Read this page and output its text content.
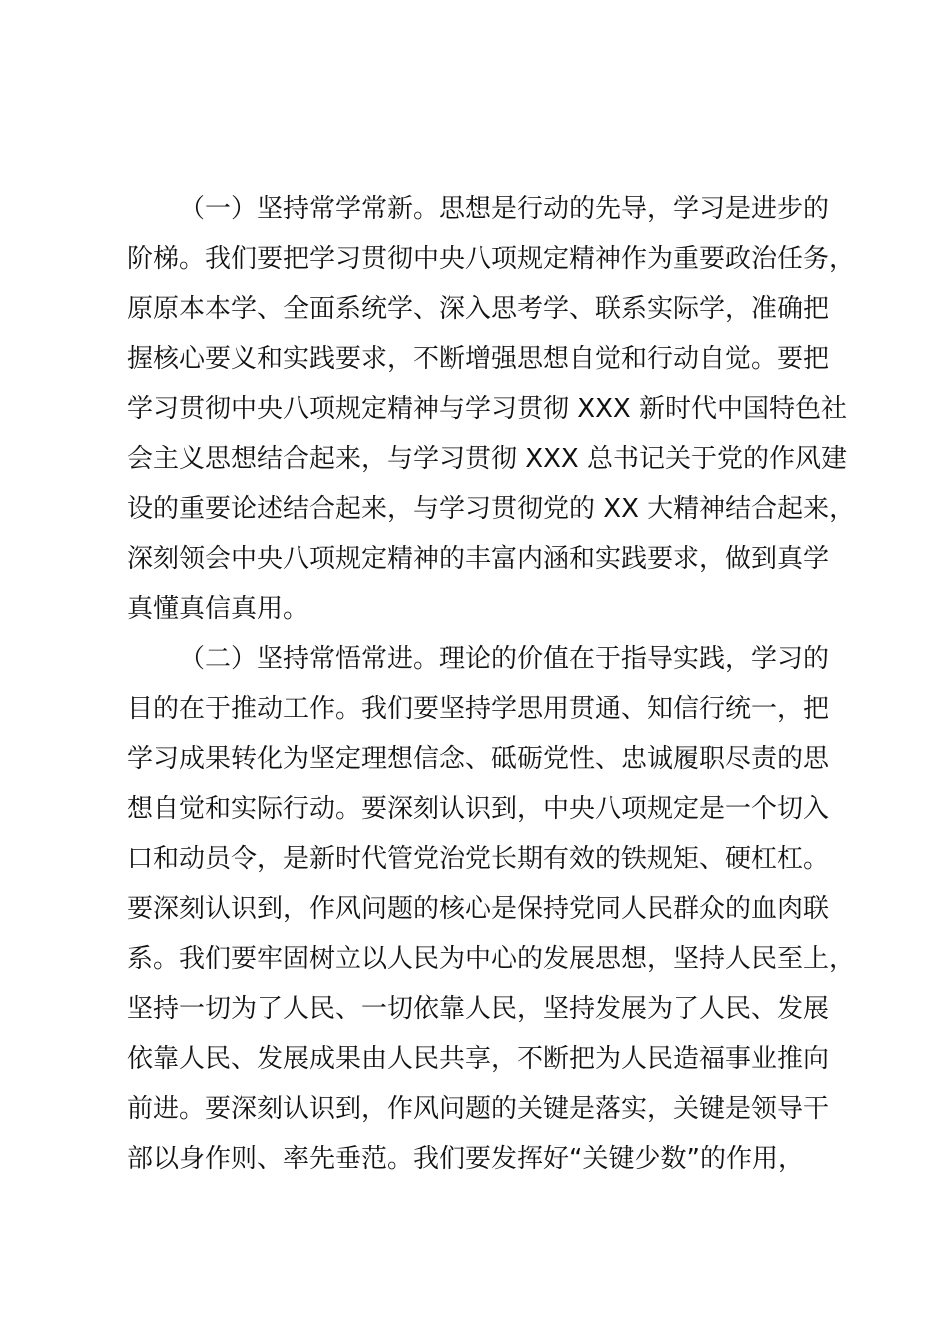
（一）坚持常学常新。思想是行动的先导，学习是进步的
阶梯。我们要把学习贯彻中央八项规定精神作为重要政治任务，
原原本本学、全面系统学、深入思考学、联系实际学，准确把
握核心要义和实践要求，不断增强思想自觉和行动自觉。要把
学习贯彻中央八项规定精神与学习贯彻 XXX 新时代中国特色社
会主义思想结合起来，与学习贯彻 XXX 总书记关于党的作风建
设的重要论述结合起来，与学习贯彻党的 XX 大精神结合起来，
深刻领会中央八项规定精神的丰富内涵和实践要求，做到真学
真懂真信真用。
（二）坚持常悟常进。理论的价值在于指导实践，学习的
目的在于推动工作。我们要坚持学思用贯通、知信行统一，把
学习成果转化为坚定理想信念、砥砺党性、忠诚履职尽责的思
想自觉和实际行动。要深刻认识到，中央八项规定是一个切入
口和动员令，是新时代管党治党长期有效的铁规矩、硬杠杠。
要深刻认识到，作风问题的核心是保持党同人民群众的血肉联
系。我们要牢固树立以人民为中心的发展思想，坚持人民至上，
坚持一切为了人民、一切依靠人民，坚持发展为了人民、发展
依靠人民、发展成果由人民共享，不断把为人民造福事业推向
前进。要深刻认识到，作风问题的关键是落实，关键是领导干
部以身作则、率先垂范。我们要发挥好“关键少数”的作用，
